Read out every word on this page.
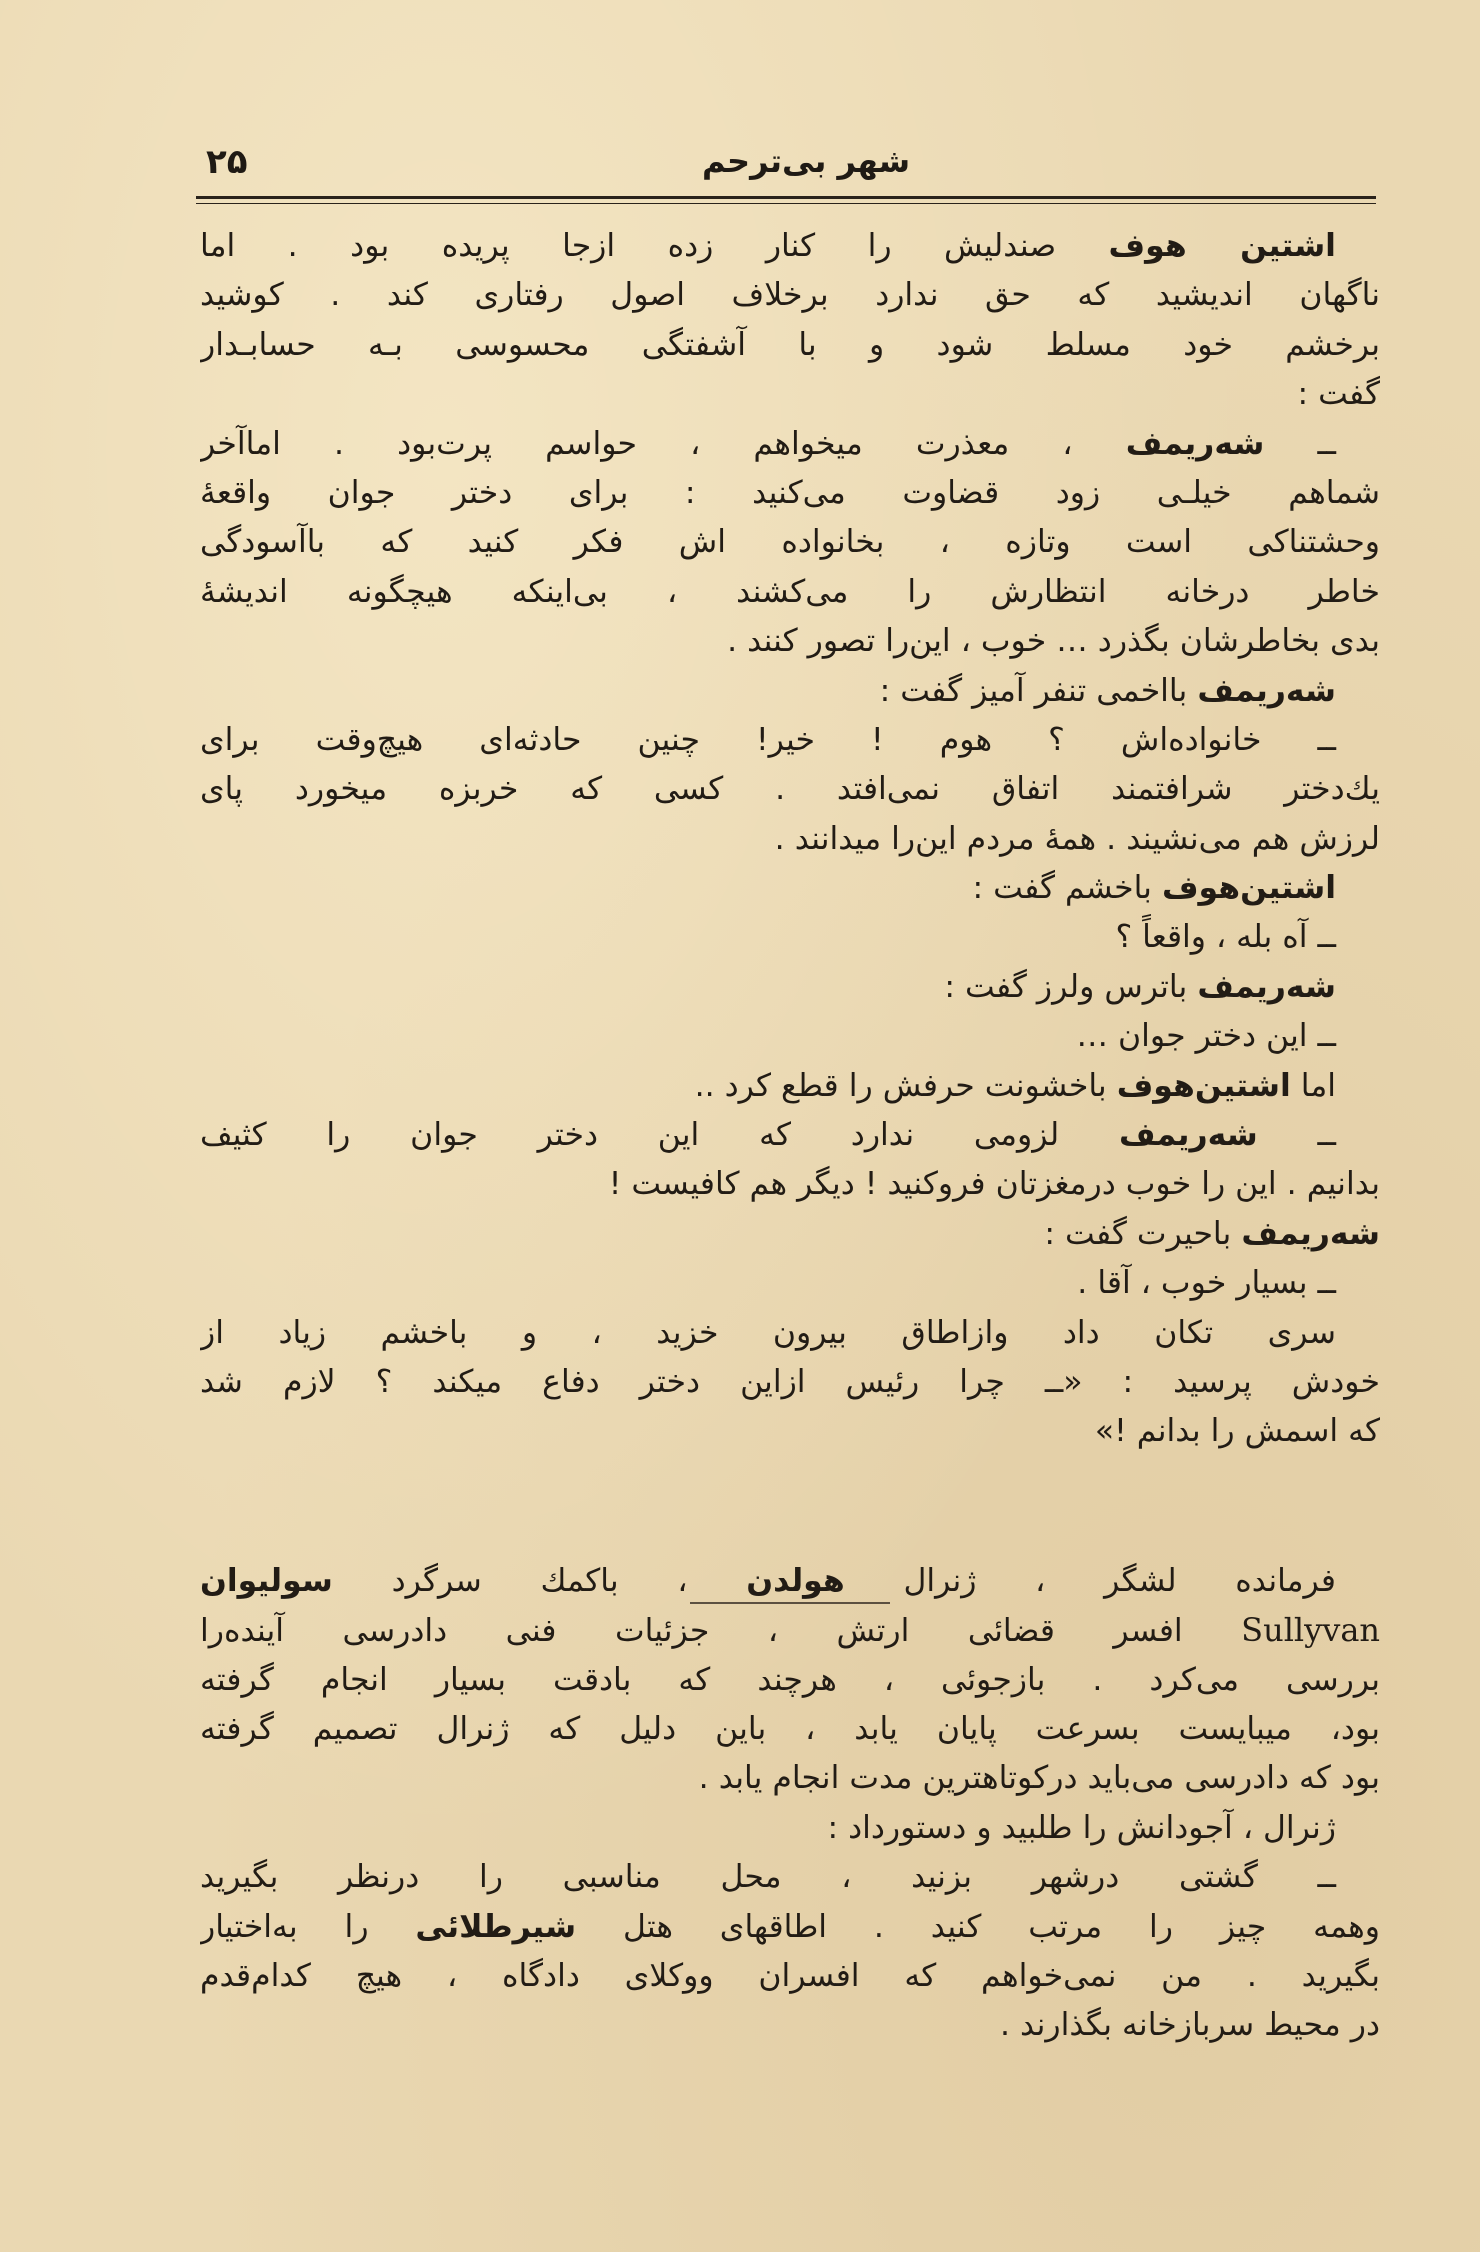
۲۵	شهر بی‌ترحم
اشتین هوف صندلیش را کنار زده ازجا پریده بود . اما
ناگهان اندیشید که حق ندارد برخلاف اصول رفتاری کند . کوشید
برخشم خود مسلط شود و با آشفتگی محسوسی بـه حسابـدار
گفت :
ــ شه‌ریمف ، معذرت میخواهم ، حواسم پرت‌بود . اماآخر
شماهم خیلـی زود قضاوت می‌کنید : برای دختر جوان واقعهٔ
وحشتناکی است وتازه ، بخانواده اش فکر کنید که باآسودگی
خاطر درخانه انتظارش را می‌کشند ، بی‌اینکه هیچگونه اندیشهٔ
بدی بخاطرشان بگذرد … خوب ، این‌را تصور کنند .
شه‌ریمف بااخمی تنفر آمیز گفت :
ــ خانواده‌اش ؟ هوم ! خیر! چنین حادثه‌ای هیچ‌وقت برای
یك‌دختر شرافتمند اتفاق نمی‌افتد . کسی که خربزه میخورد پای
لرزش هم می‌نشیند . همهٔ مردم این‌را میدانند .
اشتین‌هوف باخشم گفت :
ــ آه بله ، واقعاً ؟
شه‌ریمف باترس ولرز گفت :
ــ این دختر جوان …
اما اشتین‌هوف باخشونت حرفش را قطع کرد ..
ــ شه‌ریمف لزومی ندارد که این دختر جوان را کثیف
بدانیم . این را خوب درمغزتان فروکنید ! دیگر هم کافیست !
شه‌ریمف باحیرت گفت :
ــ بسیار خوب ، آقا .
سری تکان داد وازاطاق بیرون خزید ، و باخشم زیاد از
خودش پرسید : «ــ چرا رئیس ازاین دختر دفاع میکند ؟ لازم شد
که اسمش را بدانم !»
فرمانده لشگر ، ژنرال هولدن ، باکمك سرگرد سولیوان
Sullyvan افسر قضائی ارتش ، جزئیات فنی دادرسی آینده‌را
بررسی می‌کرد . بازجوئی ، هرچند که بادقت بسیار انجام گرفته
بود، میبایست بسرعت پایان یابد ، باین دلیل که ژنرال تصمیم گرفته
بود که دادرسی می‌باید درکوتاهترین مدت انجام یابد .
ژنرال ، آجودانش را طلبید و دستورداد :
ــ گشتی درشهر بزنید ، محل مناسبی را درنظر بگیرید
وهمه چیز را مرتب کنید . اطاقهای هتل شیرطلائی را به‌اختیار
بگیرید . من نمی‌خواهم که افسران ووکلای دادگاه ، هیچ کدام‌قدم
در محیط سربازخانه بگذارند .
